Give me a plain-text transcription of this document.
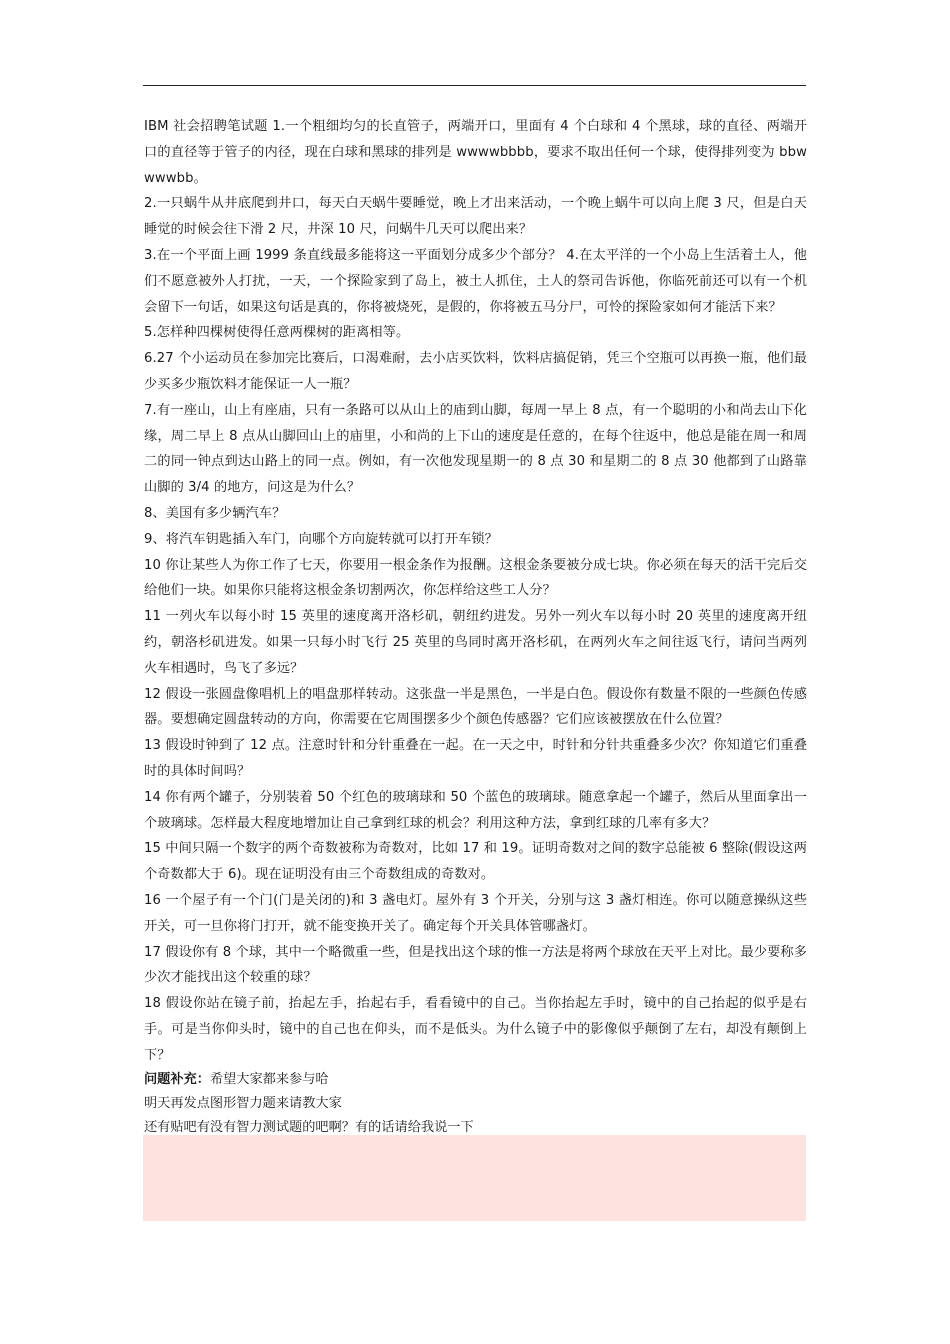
IBM 社会招聘笔试题 1.一个粗细均匀的长直管子，两端开口，里面有 4 个白球和 4 个黑球，球的直径、两端开口的直径等于管子的内径，现在白球和黑球的排列是 wwwwbbbb，要求不取出任何一个球，使得排列变为 bbwwwwbb。

2.一只蜗牛从井底爬到井口，每天白天蜗牛要睡觉，晚上才出来活动，一个晚上蜗牛可以向上爬 3 尺，但是白天睡觉的时候会往下滑 2 尺，井深 10 尺，问蜗牛几天可以爬出来？

3.在一个平面上画 1999 条直线最多能将这一平面划分成多少个部分？ 4.在太平洋的一个小岛上生活着土人，他们不愿意被外人打扰，一天，一个探险家到了岛上，被土人抓住，土人的祭司告诉他，你临死前还可以有一个机会留下一句话，如果这句话是真的，你将被烧死，是假的，你将被五马分尸，可怜的探险家如何才能活下来？

5.怎样种四棵树使得任意两棵树的距离相等。

6.27 个小运动员在参加完比赛后，口渴难耐，去小店买饮料，饮料店搞促销，凭三个空瓶可以再换一瓶，他们最少买多少瓶饮料才能保证一人一瓶？

7.有一座山，山上有座庙，只有一条路可以从山上的庙到山脚，每周一早上 8 点，有一个聪明的小和尚去山下化缘，周二早上 8 点从山脚回山上的庙里，小和尚的上下山的速度是任意的，在每个往返中，他总是能在周一和周二的同一钟点到达山路上的同一点。例如，有一次他发现星期一的 8 点 30 和星期二的 8 点 30 他都到了山路靠山脚的 3/4 的地方，问这是为什么？

8、美国有多少辆汽车？

9、将汽车钥匙插入车门，向哪个方向旋转就可以打开车锁？

10 你让某些人为你工作了七天，你要用一根金条作为报酬。这根金条要被分成七块。你必须在每天的活干完后交给他们一块。如果你只能将这根金条切割两次，你怎样给这些工人分？

11 一列火车以每小时 15 英里的速度离开洛杉矶，朝纽约进发。另外一列火车以每小时 20 英里的速度离开纽约，朝洛杉矶进发。如果一只每小时飞行 25 英里的鸟同时离开洛杉矶，在两列火车之间往返飞行，请问当两列火车相遇时，鸟飞了多远？

12 假设一张圆盘像唱机上的唱盘那样转动。这张盘一半是黑色，一半是白色。假设你有数量不限的一些颜色传感器。要想确定圆盘转动的方向，你需要在它周围摆多少个颜色传感器？它们应该被摆放在什么位置？

13 假设时钟到了 12 点。注意时针和分针重叠在一起。在一天之中，时针和分针共重叠多少次？你知道它们重叠时的具体时间吗？

14 你有两个罐子，分别装着 50 个红色的玻璃球和 50 个蓝色的玻璃球。随意拿起一个罐子，然后从里面拿出一个玻璃球。怎样最大程度地增加让自己拿到红球的机会？利用这种方法，拿到红球的几率有多大？

15 中间只隔一个数字的两个奇数被称为奇数对，比如 17 和 19。证明奇数对之间的数字总能被 6 整除(假设这两个奇数都大于 6)。现在证明没有由三个奇数组成的奇数对。

16 一个屋子有一个门(门是关闭的)和 3 盏电灯。屋外有 3 个开关，分别与这 3 盏灯相连。你可以随意操纵这些开关，可一旦你将门打开，就不能变换开关了。确定每个开关具体管哪盏灯。

17 假设你有 8 个球，其中一个略微重一些，但是找出这个球的惟一方法是将两个球放在天平上对比。最少要称多少次才能找出这个较重的球？

18 假设你站在镜子前，抬起左手，抬起右手，看看镜中的自己。当你抬起左手时，镜中的自己抬起的似乎是右手。可是当你仰头时，镜中的自己也在仰头，而不是低头。为什么镜子中的影像似乎颠倒了左右，却没有颠倒上下？

问题补充：希望大家都来参与哈

明天再发点图形智力题来请教大家

还有贴吧有没有智力测试题的吧啊？有的话请给我说一下
